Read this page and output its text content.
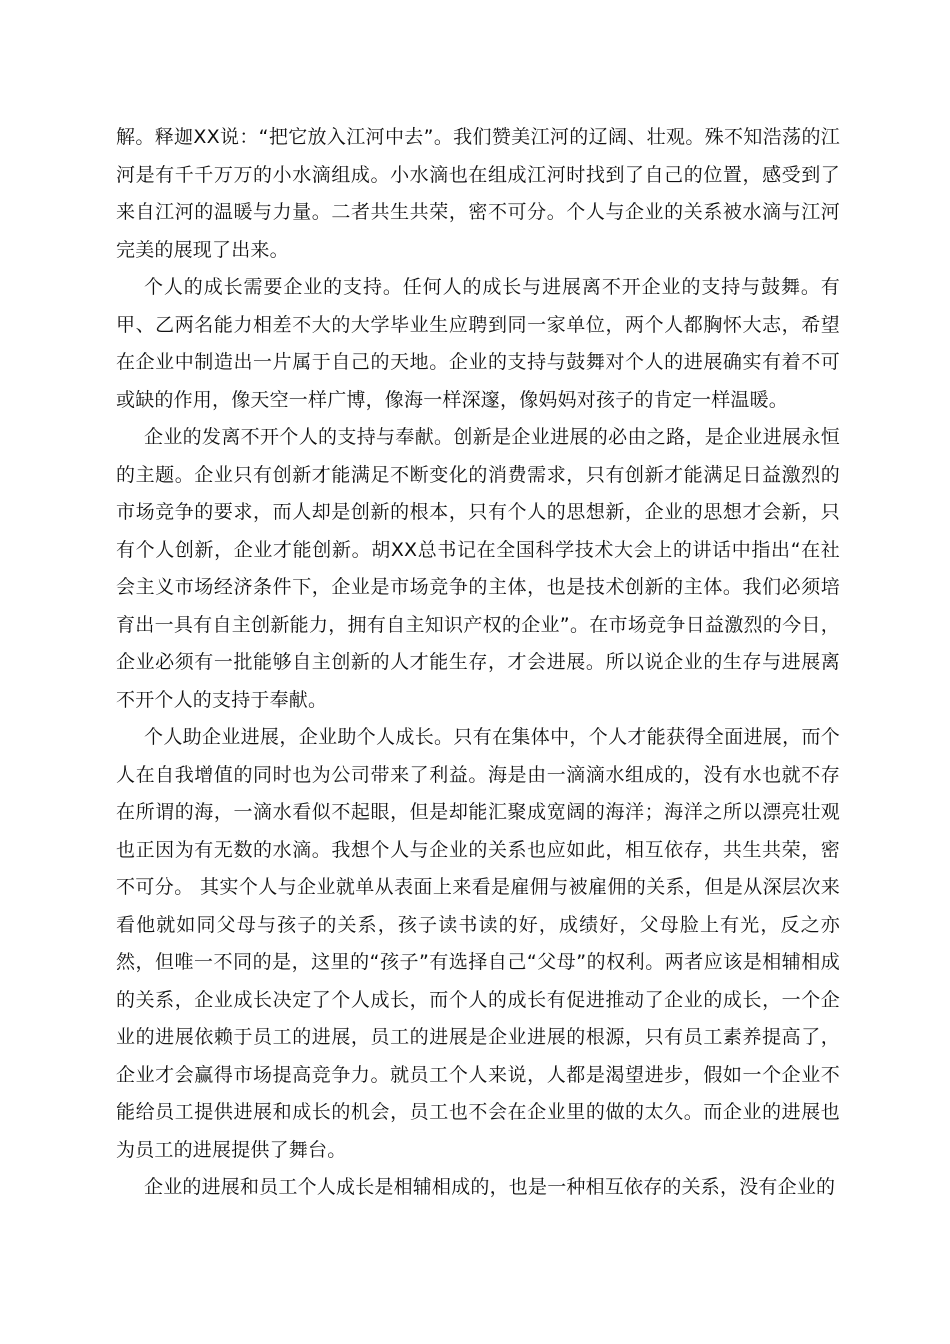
解。释迦XX说：“把它放入江河中去”。我们赞美江河的辽阔、壮观。殊不知浩荡的江河是有千千万万的小水滴组成。小水滴也在组成江河时找到了自己的位置，感受到了来自江河的温暖与力量。二者共生共荣，密不可分。个人与企业的关系被水滴与江河完美的展现了出来。

个人的成长需要企业的支持。任何人的成长与进展离不开企业的支持与鼓舞。有甲、乙两名能力相差不大的大学毕业生应聘到同一家单位，两个人都胸怀大志，希望在企业中制造出一片属于自己的天地。企业的支持与鼓舞对个人的进展确实有着不可或缺的作用，像天空一样广博，像海一样深邃，像妈妈对孩子的肯定一样温暖。

企业的发离不开个人的支持与奉献。创新是企业进展的必由之路，是企业进展永恒的主题。企业只有创新才能满足不断变化的消费需求，只有创新才能满足日益激烈的市场竞争的要求，而人却是创新的根本，只有个人的思想新，企业的思想才会新，只有个人创新，企业才能创新。胡XX总书记在全国科学技术大会上的讲话中指出“在社会主义市场经济条件下，企业是市场竞争的主体，也是技术创新的主体。我们必须培育出一具有自主创新能力，拥有自主知识产权的企业”。在市场竞争日益激烈的今日，企业必须有一批能够自主创新的人才能生存，才会进展。所以说企业的生存与进展离不开个人的支持于奉献。

个人助企业进展，企业助个人成长。只有在集体中，个人才能获得全面进展，而个人在自我增值的同时也为公司带来了利益。海是由一滴滴水组成的，没有水也就不存在所谓的海，一滴水看似不起眼，但是却能汇聚成宽阔的海洋；海洋之所以漂亮壮观也正因为有无数的水滴。我想个人与企业的关系也应如此，相互依存，共生共荣，密不可分。 其实个人与企业就单从表面上来看是雇佣与被雇佣的关系，但是从深层次来看他就如同父母与孩子的关系，孩子读书读的好，成绩好，父母脸上有光，反之亦然，但唯一不同的是，这里的“孩子”有选择自己“父母”的权利。两者应该是相辅相成的关系，企业成长决定了个人成长，而个人的成长有促进推动了企业的成长，一个企业的进展依赖于员工的进展，员工的进展是企业进展的根源，只有员工素养提高了，企业才会赢得市场提高竞争力。就员工个人来说，人都是渴望进步，假如一个企业不能给员工提供进展和成长的机会，员工也不会在企业里的做的太久。而企业的进展也为员工的进展提供了舞台。

企业的进展和员工个人成长是相辅相成的，也是一种相互依存的关系，没有企业的
